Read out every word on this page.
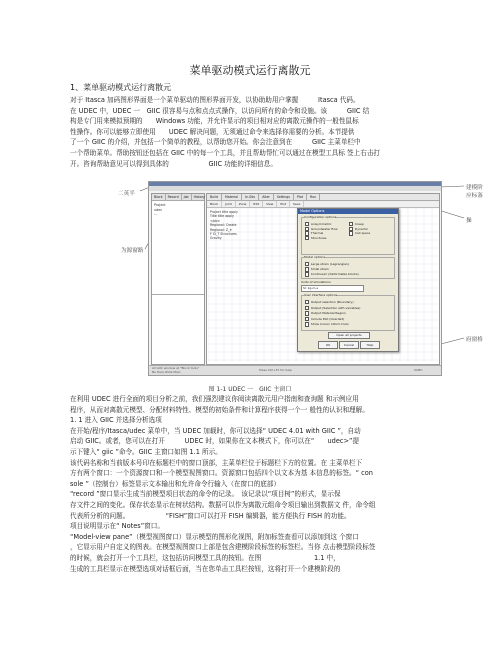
菜单驱动模式运行离散元
1、菜单驱动模式运行离散元

对于 Itasca 加码图形界面是一个菜单驱动的图形界面开发，以协助助用户掌握　　　Itasca 代码。

在 UDEC 中，UDEC 一　GIIC 很容易与点和点点式操作，以访问所有的命令和设施。该　　　GIIC 结

构是专门用来模拟预期的　　Windows 功能，并允许显示的项目相对应的离散元操作的一般性鼠标

性操作。你可以能够立即使用　　UDEC 解决问题，无须通过命令来选择你需要的分析。本节提供

了一个 GIIC 的介绍，并包括一个简单的教程，以帮助您开始。你会注意到在　　　GIIC 主菜单栏中

一个帮助菜单。帮助按钮还包括在 GIIC 中的每一个工具，并且帮助帮忙可以通过在模型工具标 签上右击打

开。咨询帮助意见可以得到具体的　　　　　　GIIC 功能的详细信息。

二英半
为源窗路
建模阶
应标盔
操
府窗格
Block	Record	Job	History
Project
udec
...
Build	Material	In-Situ	Alter	Settings	Plot	Run
Block	Joint	Zone	Edit	View	Plot	Save
Project title apply
Title title apply
<job>
Regional: Create
Regional: Z_Ir
F Sl_T Structures
Gravity
Model Options
Configuration options
Axisymmetric	CreepGroundwater flow	DynamicThermal	Cell spaceStructures
Model options
Large strain (Lagrangian)Small strainContinuum (Deformable blocks)
Units of simulations
SI: kg-m-s
User interface options
Output selection (Boundary)Output (Selection with variables)Output Material RegionInclude Plot (Overlaid)Show Cursor inform tools
Open all projects
OK	Cancel	Help
All GIIC window at "Block tools"
Be Here Wide Main	Press Ctrl+F1 for help	UDEC
图 1-1 UDEC 一　GIIC 主窗口

在利用 UDEC 进行全面的项目分析之前，我们强烈建议你阅读离散元用户指南和查询题 和示例应用

程序，从而对离散元模型、分配材料特性、模型的初始条件和计算程序获得一个一 般性的认识和理解。

1. 1 进入 GIIC 并选择分析选项

在开始/程序/Itasca/udec 菜单中，当 UDEC 加载时，你可以选择“ UDEC 4.01 with GIIC ”，自动

启动 GIIC。或者，您可以在打开　　　UDEC 时，如果你在文本模式下，你可以在“　　udec>”提

示下键入“ giic ”命令。GIIC 主窗口如图 1.1 所示。

该代码名称和当前版本号印在标题栏中的窗口顶部，主菜单栏位于标题栏下方的位置。在 主菜单栏下

方有两个窗口：一个资源窗口和一个模型视图窗口。资源窗口包括四个以文本为基 本信息的标签。“ con

sole ”（控制台）标签显示文本输出和允许命令行输入（在窗口的底部）

“record ”窗口显示生成当前模型项目状态的命令的记录。　该记录以“项目树”的形式，显示保

存文件之间的变化。保存状态显示在树状结构。数据可以作为离散元组命令项目输出到数据文 件，命令组

代表所分析的问题。　　　　　　“FISH”窗口可以打开 FISH 编辑器，能方便执行 FISH 的功能。

项目说明显示在“ Notes”窗口。

“Model-view pane”（模型视图窗口）显示模型的图形化视图，附加标签查看可以添加到这 个窗口

，它显示用户自定义的图表。在模型视图窗口上部是包含建模阶段标签的标签栏。当你 点击模型阶段标签

的时候，就会打开一个工具栏，这包括访问模型工具的按钮。在图　　　　　　　　1.1 中，

生成的工具栏显示在模型选项对话框后面，当在您单击工具栏按钮，这将打开一个建模阶段的
